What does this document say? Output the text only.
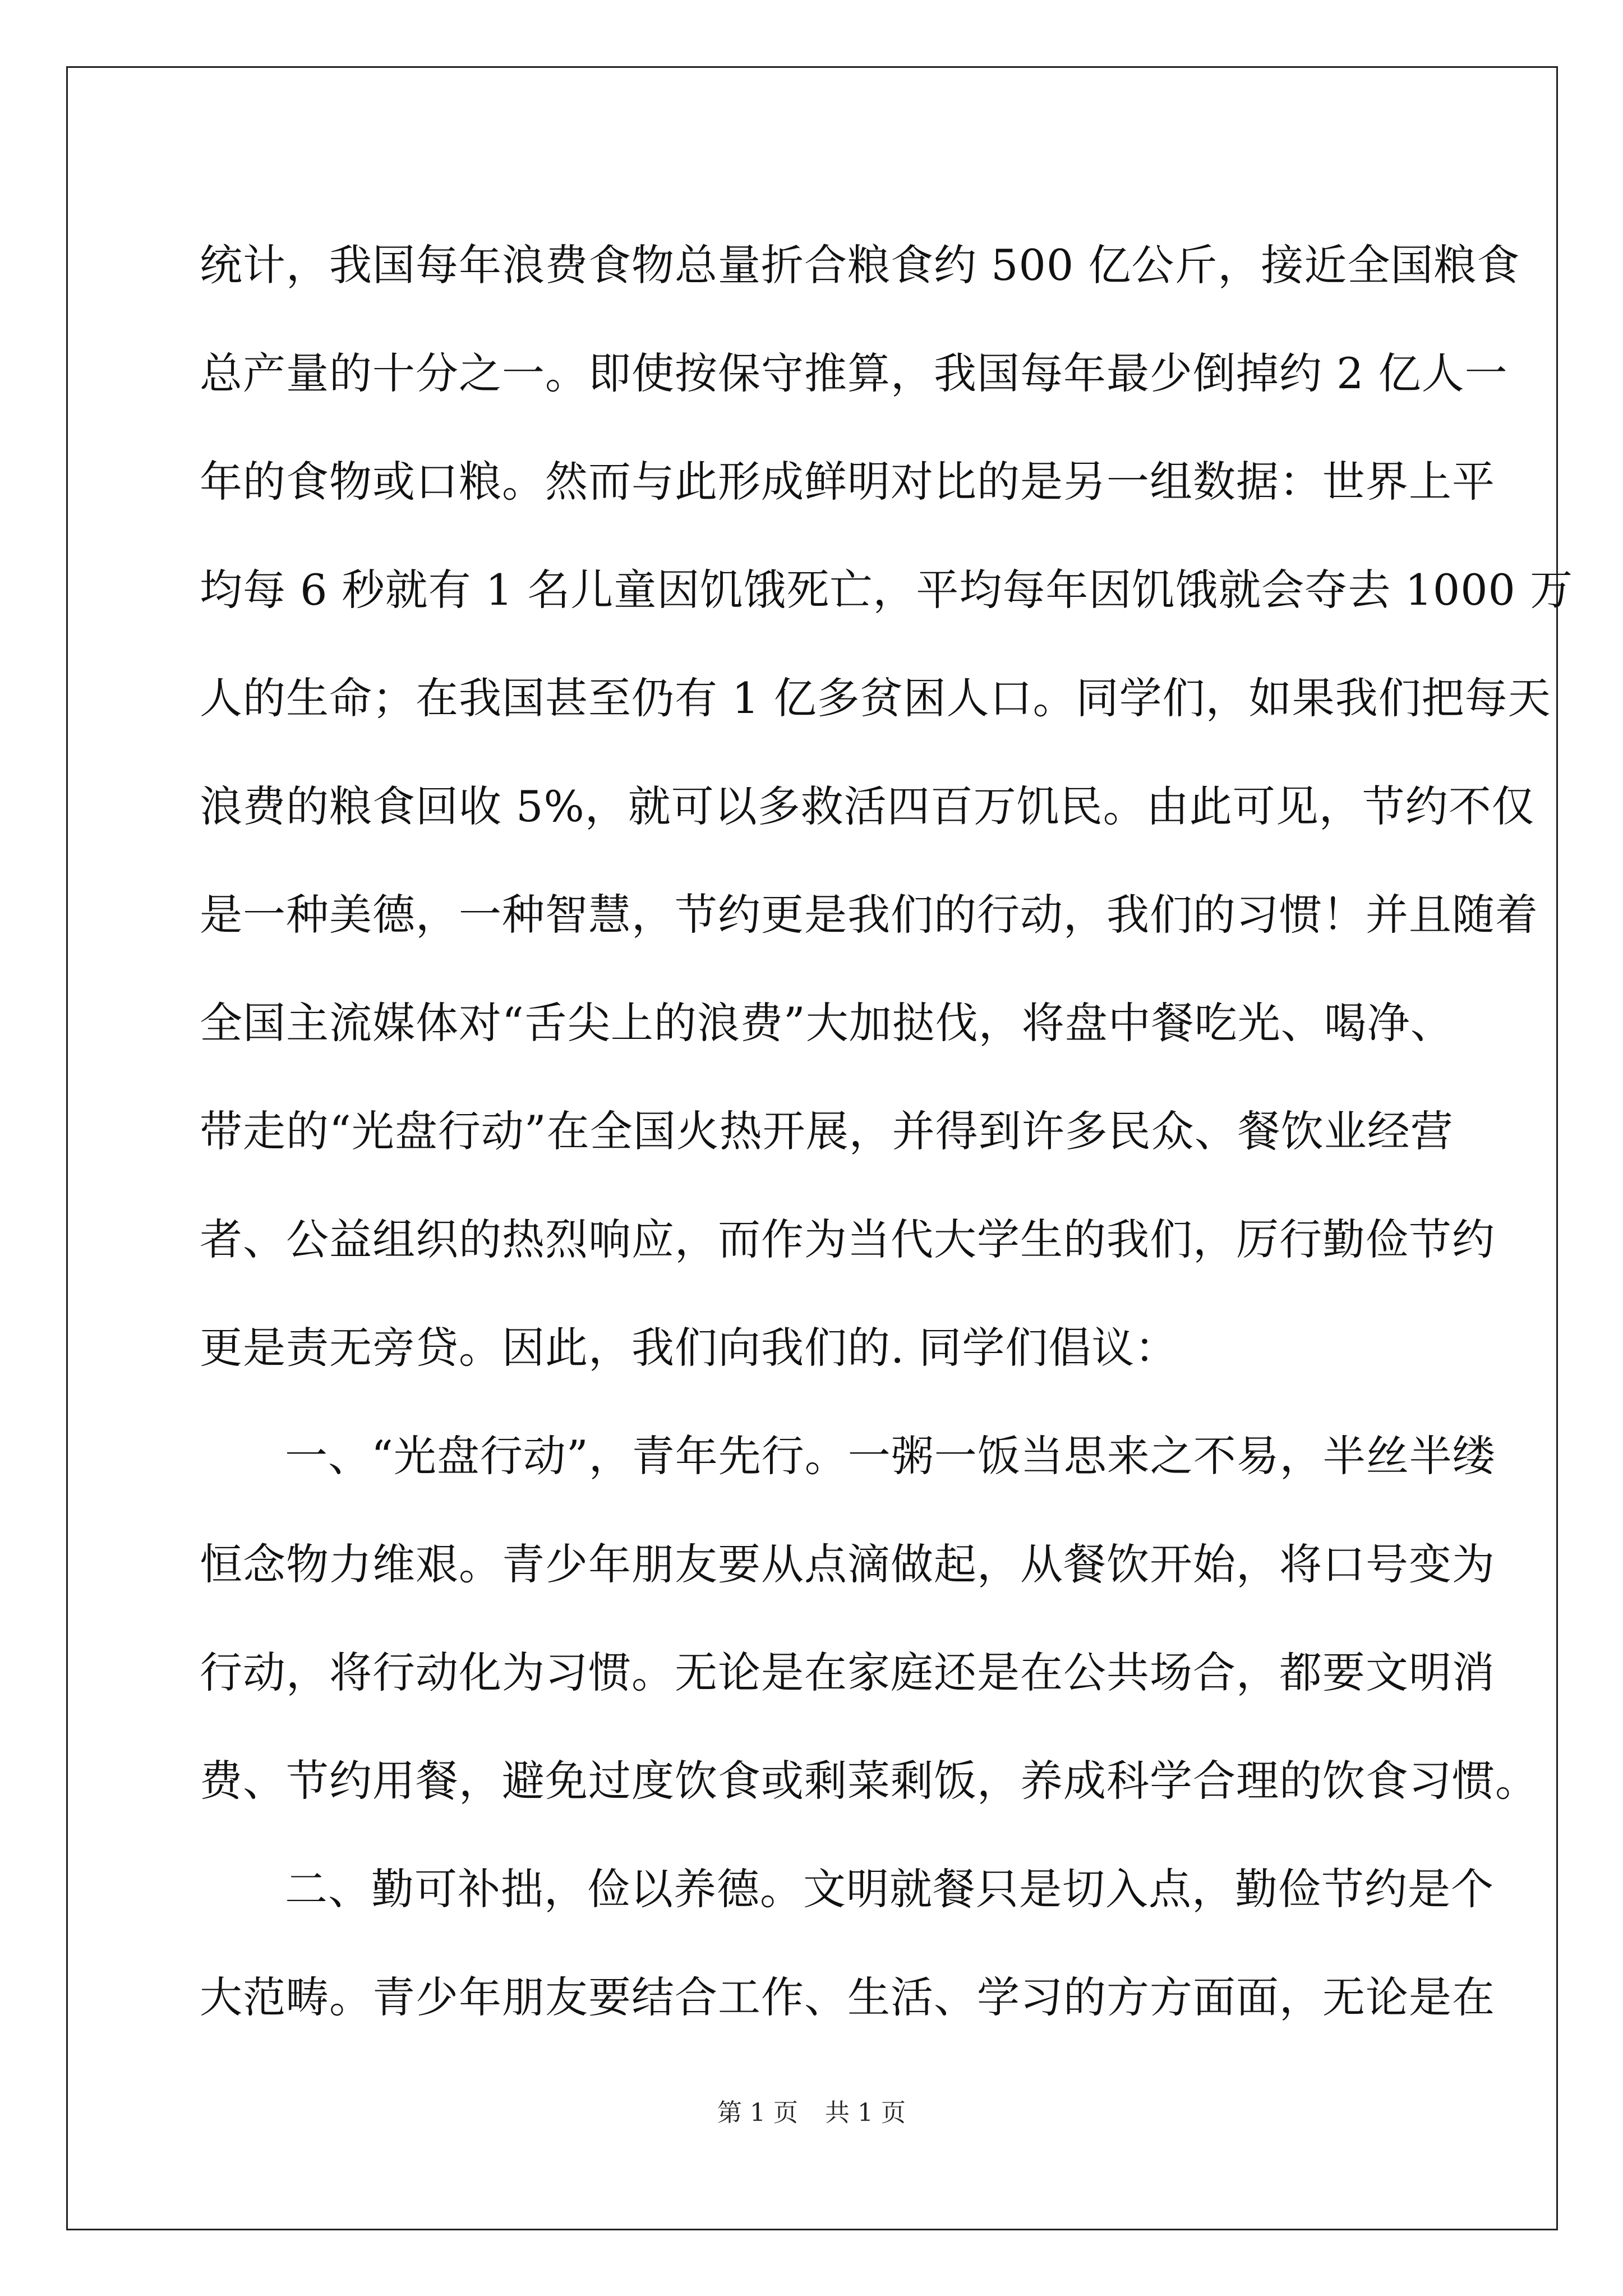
统计，我国每年浪费食物总量折合粮食约 500 亿公斤，接近全国粮食
总产量的十分之一。即使按保守推算，我国每年最少倒掉约 2 亿人一
年的食物或口粮。然而与此形成鲜明对比的是另一组数据：世界上平
均每 6 秒就有 1 名儿童因饥饿死亡，平均每年因饥饿就会夺去 1000 万
人的生命；在我国甚至仍有 1 亿多贫困人口。同学们，如果我们把每天
浪费的粮食回收 5%，就可以多救活四百万饥民。由此可见，节约不仅
是一种美德，一种智慧，节约更是我们的行动，我们的习惯！并且随着
全国主流媒体对“舌尖上的浪费”大加挞伐，将盘中餐吃光、喝净、
带走的“光盘行动”在全国火热开展，并得到许多民众、餐饮业经营
者、公益组织的热烈响应，而作为当代大学生的我们，厉行勤俭节约
更是责无旁贷。因此，我们向我们的. 同学们倡议：
一、“光盘行动”，青年先行。一粥一饭当思来之不易，半丝半缕
恒念物力维艰。青少年朋友要从点滴做起，从餐饮开始，将口号变为
行动，将行动化为习惯。无论是在家庭还是在公共场合，都要文明消
费、节约用餐，避免过度饮食或剩菜剩饭，养成科学合理的饮食习惯。
二、勤可补拙，俭以养德。文明就餐只是切入点，勤俭节约是个
大范畴。青少年朋友要结合工作、生活、学习的方方面面，无论是在
第 1 页 共 1 页
